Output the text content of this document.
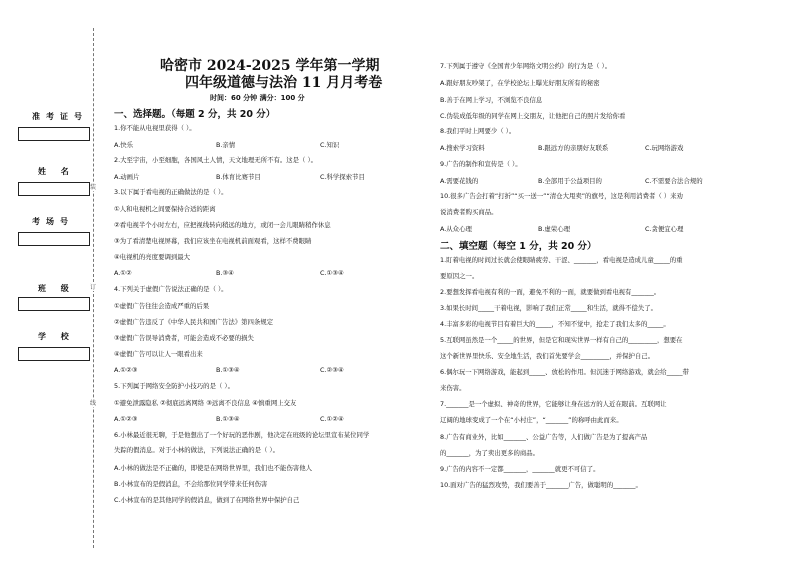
准考证号
姓 名
考场号
班 级
学 校
装
订
线
哈密市 2024-2025 学年第一学期
四年级道德与法治 11 月月考卷
时间：60 分钟 满分：100 分
一、选择题。（每题 2 分，共 20 分）
1.你不能从电视里获得（ ）。
A.快乐	B.亲情	C.知识
2.大至宇宙，小至细胞，各国风土人情，天文地理无所不有。这是（ ）。
A.动画片	B.体育比赛节目	C.科学探索节目
3.以下属于看电视的正确做法的是（ ）。
①人和电视机之间要保持合适的距离
②看电视半个小时左右，应把视线转向稍远的地方，或闭一会儿眼睛稍作休息
③为了看清楚电视屏幕，我们应该坐在电视机前面观看，这样不费眼睛
④电视机的亮度要调到最大
A.①②	B.③④	C.①③④
4.下列关于虚假广告说法正确的是（ ）。
①虚假广告往往会造成严重的后果
②虚假广告违反了《中华人民共和国广告法》第四条规定
③虚假广告误导消费者，可能会造成不必要的损失
④虚假广告可以让人一眼看出来
A.①②③	B.①③④	C.②③④
5.下列属于网络安全防护小技巧的是（ ）。
①避免泄露隐私 ②彻底远离网络 ③远离不良信息 ④慎重网上交友
A.①②③	B.①③④	C.①②④
6.小林最近很无聊，于是他想出了一个好玩的恶作剧，他决定在班级的论坛里宣布某位同学
失踪的假消息。对于小林的做法，下列说法正确的是（ ）。
A.小林的做法是不正确的，即使是在网络世界里，我们也不能伤害他人
B.小林宣布的是假消息，不会给那位同学带来任何伤害
C.小林宣布的是其他同学的假消息，做到了在网络世界中保护自己
7.下列属于遵守《全国青少年网络文明公约》的行为是（ ）。
A.跟好朋友吵架了，在学校论坛上曝光好朋友所有的秘密
B.善于在网上学习，不浏览不良信息
C.伪装成低年级的同学在网上交朋友，让他把自己的照片发给你看
8.我们平时上网要少（ ）。
A.搜索学习资料	B.跟远方的亲朋好友联系	C.玩网络游戏
9.广告的制作和宣传是（ ）。
A.需要花钱的	B.全部用于公益项目的	C.不需要合法合规的
10.很多广告会打着“打折”“买一送一”“清仓大甩卖”的旗号，这是利用消费者（ ）来劝
说消费者购买商品。
A.从众心理	B.虚荣心理	C.贪便宜心理
二、填空题（每空 1 分，共 20 分）
1.盯着电视的时间过长就会使眼睛疲劳、干涩、_______，看电视是造成儿童_____的重
要原因之一。
2.要想发挥看电视有利的一面，避免不利的一面，就要做到看电视有_______。
3.如果长时间_____干着电视，影响了我们正常_____和生活，就得不偿失了。
4.丰富多彩的电视节目有着巨大的_____，不知不觉中，抢走了我们太多的_____。
5.互联网虽然是一个_____的世界，但是它和现实世界一样有自己的_________，想要在
这个新世界里快乐、安全地生活，我们首先要学会_________，并保护自己。
6.偶尔玩一下网络游戏，能起到_____、放松的作用。但沉迷于网络游戏，就会给_____带
来伤害。
7._______是一个虚拟、神奇的世界，它能够让身在远方的人近在眼前。互联网让
辽阔的地球变成了一个在“小村庄”，“_______”的称呼由此而来。
8.广告有商业外，比如_______、公益广告等，人们做广告是为了提高产品
的_______，为了卖出更多的商品。
9.广告的内容不一定都_______，_______就更不可信了。
10.面对广告的猛烈攻势，我们要善于_______广告，做聪明的_______。
